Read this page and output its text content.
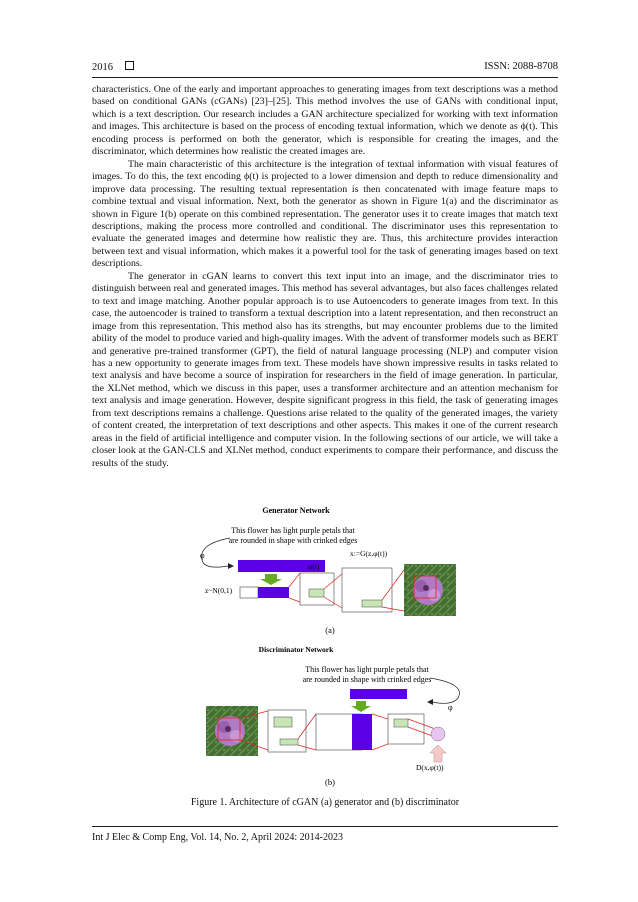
2016	ISSN: 2088-8708

characteristics. One of the early and important approaches to generating images from text descriptions was a method based on conditional GANs (cGANs) [23]–[25]. This method involves the use of GANs with conditional input, which is a text description. Our research includes a GAN architecture specialized for working with text information and images. This architecture is based on the process of encoding textual information, which we denote as ϕ(t). This encoding process is performed on both the generator, which is responsible for creating the images, and the discriminator, which determines how realistic the created images are.

The main characteristic of this architecture is the integration of textual information with visual features of images. To do this, the text encoding ϕ(t) is projected to a lower dimension and depth to reduce dimensionality and improve data processing. The resulting textual representation is then concatenated with image feature maps to combine textual and visual information. Next, both the generator as shown in Figure 1(a) and the discriminator as shown in Figure 1(b) operate on this combined representation. The generator uses it to create images that match text descriptions, making the process more controlled and conditional. The discriminator uses this representation to evaluate the generated images and determine how realistic they are. Thus, this architecture provides interaction between text and visual information, which makes it a powerful tool for the task of generating images based on text descriptions.

The generator in cGAN learns to convert this text input into an image, and the discriminator tries to distinguish between real and generated images. This method has several advantages, but also faces challenges related to text and image matching. Another popular approach is to use Autoencoders to generate images from text. In this case, the autoencoder is trained to transform a textual description into a latent representation, and then reconstruct an image from this representation. This method also has its strengths, but may encounter problems due to the limited ability of the model to produce varied and high-quality images. With the advent of transformer models such as BERT and generative pre-trained transformer (GPT), the field of natural language processing (NLP) and computer vision has a new opportunity to generate images from text. These models have shown impressive results in tasks related to text analysis and have become a source of inspiration for researchers in the field of image generation. In particular, the XLNet method, which we discuss in this paper, uses a transformer architecture and an attention mechanism for text analysis and image generation. However, despite significant progress in this field, the task of generating images from text descriptions remains a challenge. Questions arise related to the quality of the generated images, the variety of content created, the interpretation of text descriptions and other aspects. This makes it one of the current research areas in the field of artificial intelligence and computer vision. In the following sections of our article, we will take a closer look at the GAN-CLS and XLNet method, conduct experiments to compare their performance, and discuss the results of the study.

Generator Network
This flower has light purple petals that
are rounded in shape with crinked edges
φ
z~N(0,1)
φ(t)
x:=G(z,φ(t))
(a)
Discriminator Network
This flower has light purple petals that
are rounded in shape with crinked edges
φ
D(x,φ(t))
(b)
Figure 1. Architecture of cGAN (a) generator and (b) discriminator
Int J Elec & Comp Eng, Vol. 14, No. 2, April 2024: 2014-2023
